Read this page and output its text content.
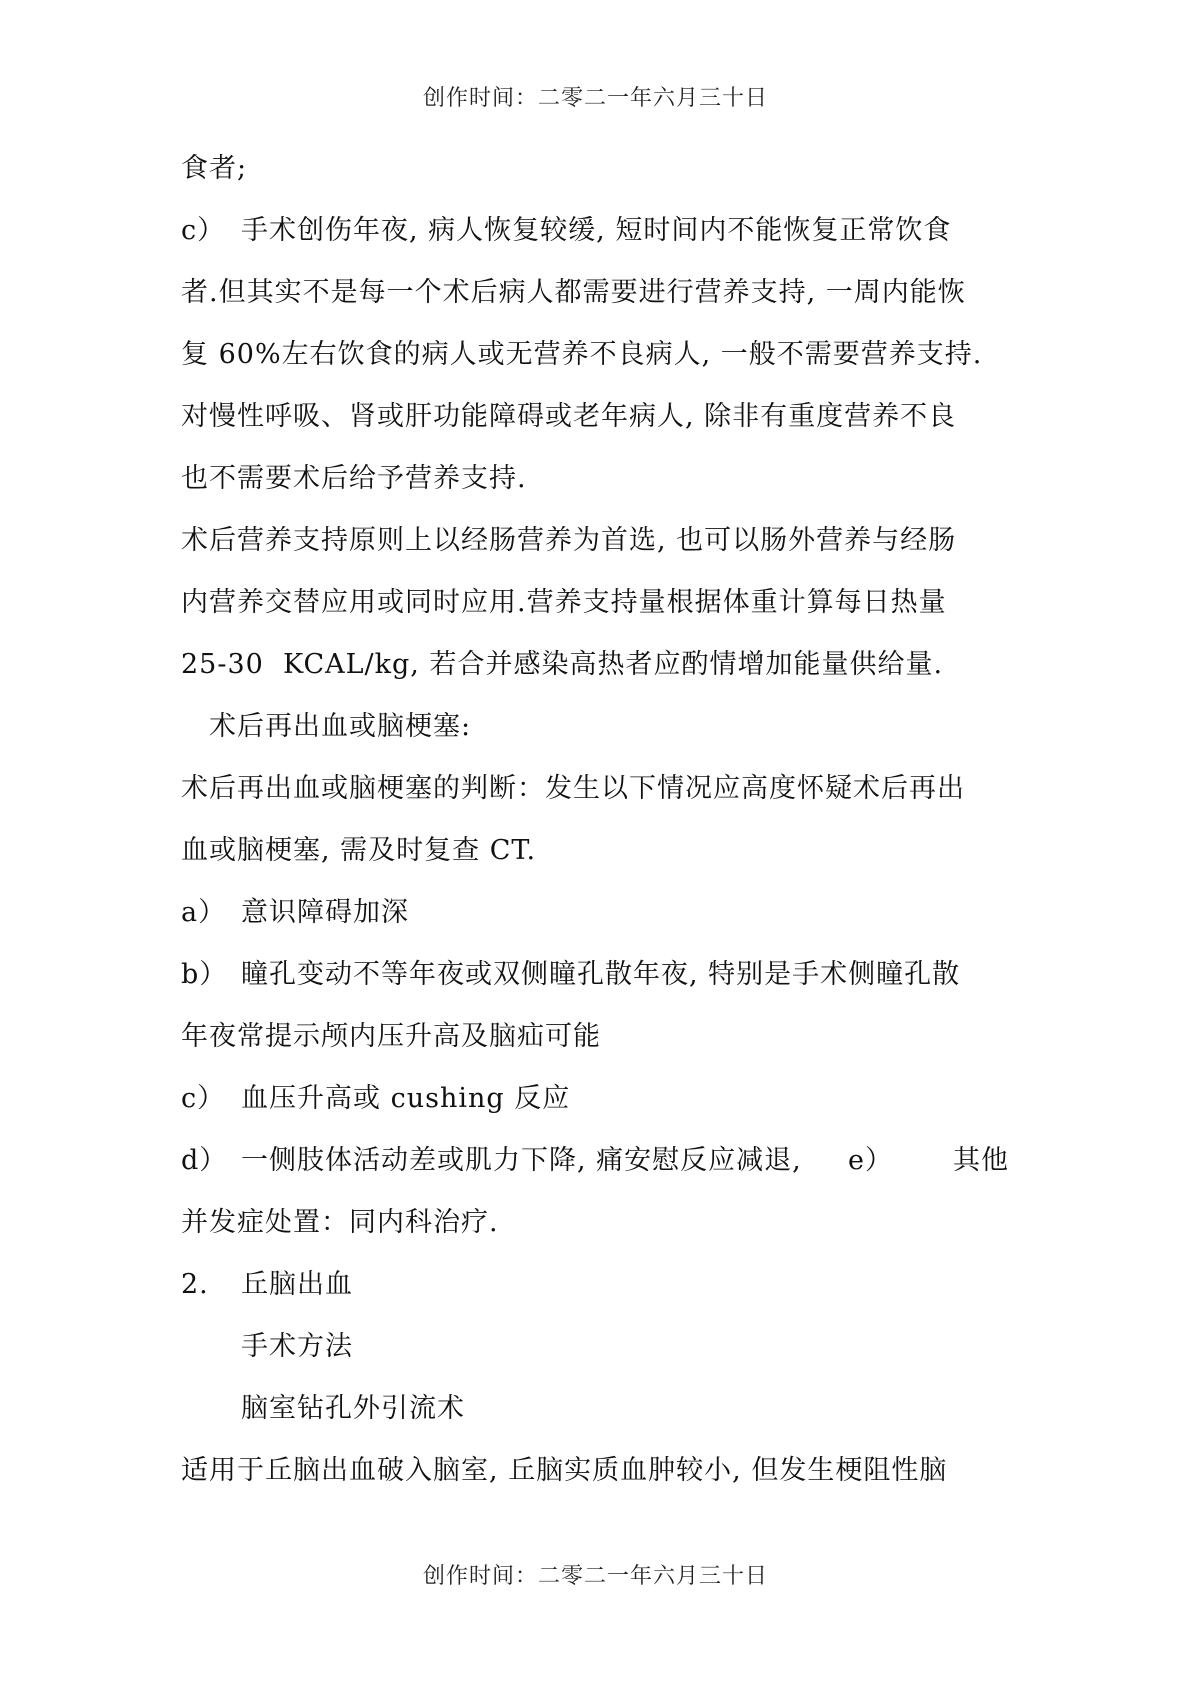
创作时间：二零二一年六月三十日
食者;
c） 手术创伤年夜, 病人恢复较缓, 短时间内不能恢复正常饮食
者.但其实不是每一个术后病人都需要进行营养支持, 一周内能恢
复 60%左右饮食的病人或无营养不良病人, 一般不需要营养支持.
对慢性呼吸、肾或肝功能障碍或老年病人, 除非有重度营养不良
也不需要术后给予营养支持.
术后营养支持原则上以经肠营养为首选, 也可以肠外营养与经肠
内营养交替应用或同时应用.营养支持量根据体重计算每日热量
25-30  KCAL/kg, 若合并感染高热者应酌情增加能量供给量.
术后再出血或脑梗塞:
术后再出血或脑梗塞的判断：发生以下情况应高度怀疑术后再出
血或脑梗塞, 需及时复查 CT.
a） 意识障碍加深
b） 瞳孔变动不等年夜或双侧瞳孔散年夜, 特别是手术侧瞳孔散
年夜常提示颅内压升高及脑疝可能
c） 血压升高或 cushing 反应
d） 一侧肢体活动差或肌力下降, 痛安慰反应减退, e） 其他
并发症处置：同内科治疗.
2. 丘脑出血
手术方法
脑室钻孔外引流术
适用于丘脑出血破入脑室, 丘脑实质血肿较小, 但发生梗阻性脑
创作时间：二零二一年六月三十日
